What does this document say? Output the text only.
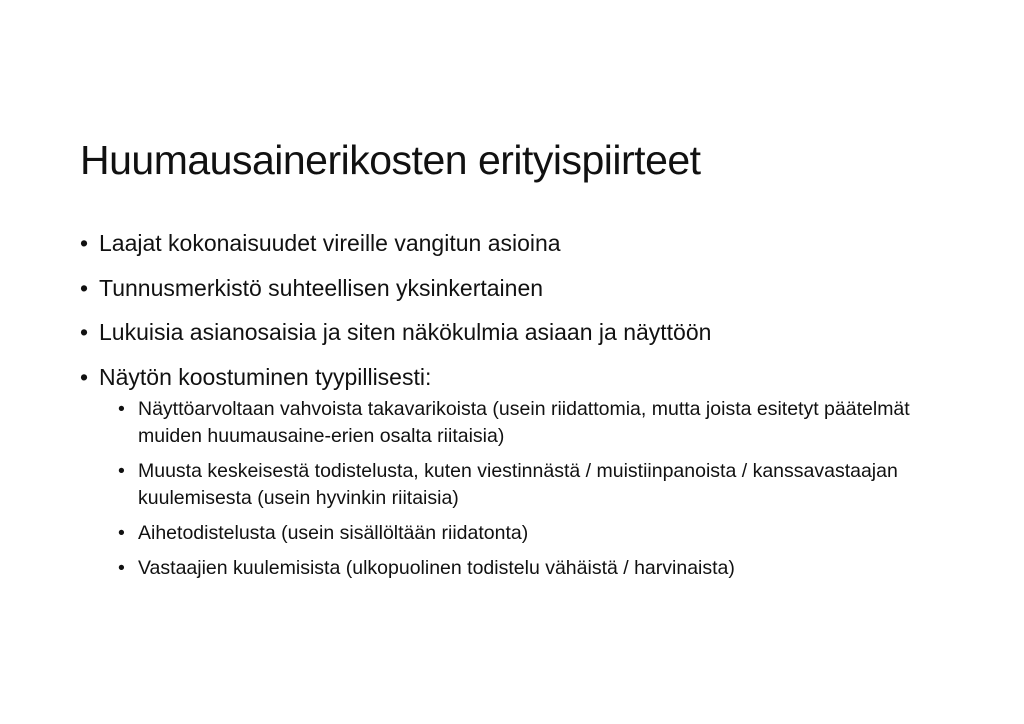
Huumausainerikosten erityispiirteet
• Laajat kokonaisuudet vireille vangitun asioina
• Tunnusmerkistö suhteellisen yksinkertainen
• Lukuisia asianosaisia ja siten näkökulmia asiaan ja näyttöön
• Näytön koostuminen tyypillisesti:
• Näyttöarvoltaan vahvoista takavarikoista (usein riidattomia, mutta joista esitetyt päätelmät muiden huumausaine-erien osalta riitaisia)
• Muusta keskeisestä todistelusta, kuten viestinnästä / muistiinpanoista / kanssavastaajan kuulemisesta (usein hyvinkin riitaisia)
• Aihetodistelusta (usein sisällöltään riidatonta)
• Vastaajien kuulemisista (ulkopuolinen todistelu vähäistä / harvinaista)
